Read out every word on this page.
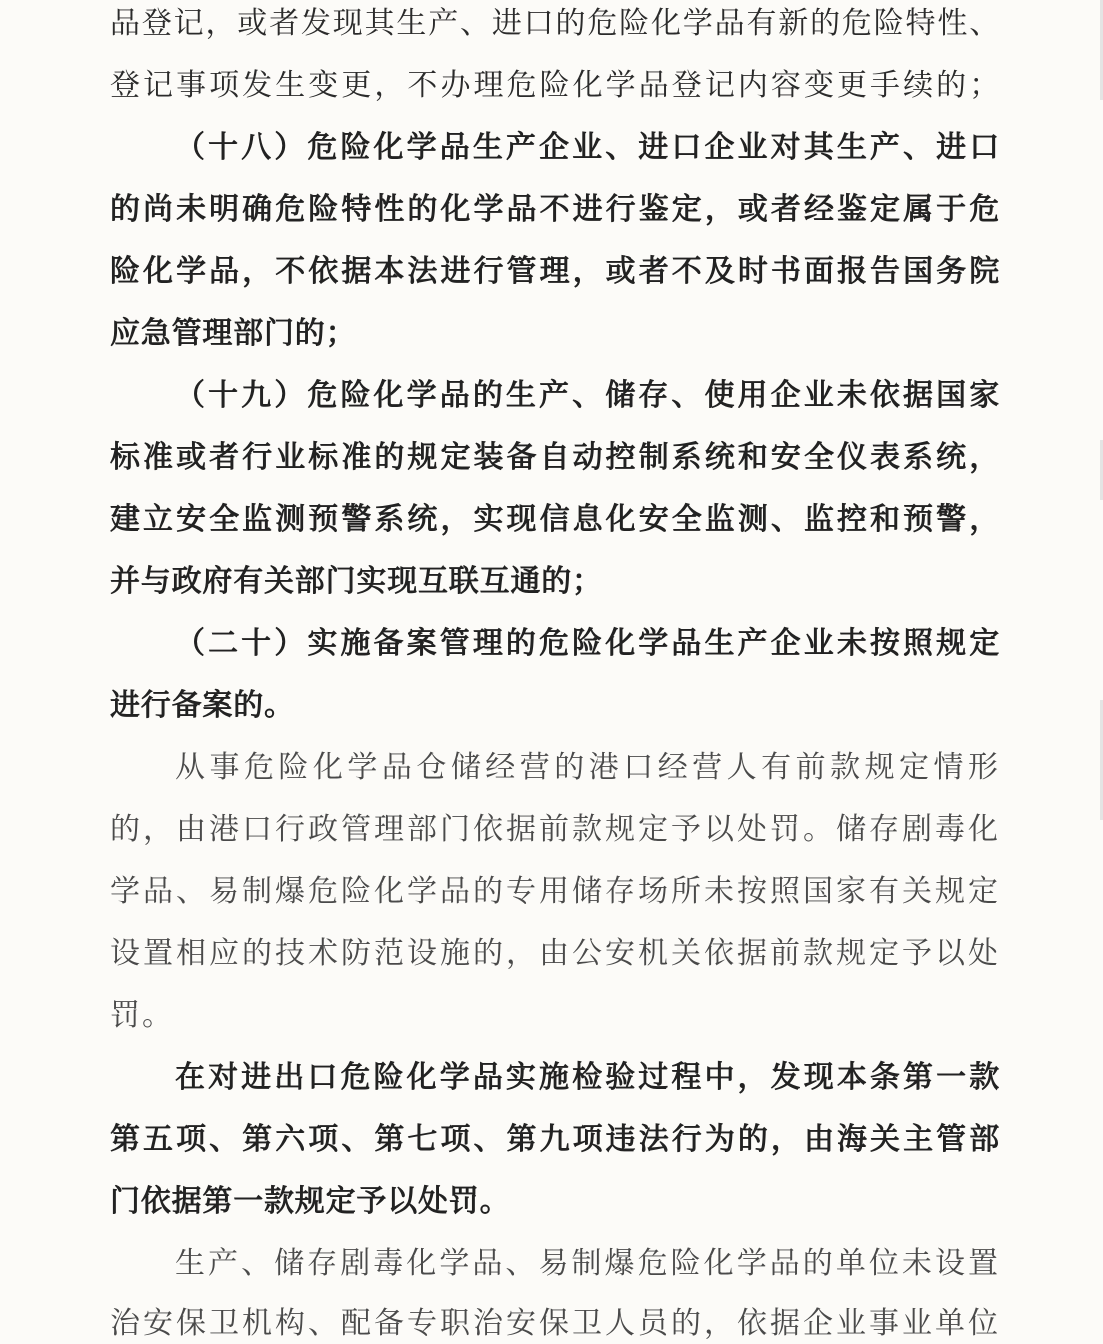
品登记，或者发现其生产、进口的危险化学品有新的危险特性、
登记事项发生变更，不办理危险化学品登记内容变更手续的；
（十八）危险化学品生产企业、进口企业对其生产、进口
的尚未明确危险特性的化学品不进行鉴定，或者经鉴定属于危
险化学品，不依据本法进行管理，或者不及时书面报告国务院
应急管理部门的；
（十九）危险化学品的生产、储存、使用企业未依据国家
标准或者行业标准的规定装备自动控制系统和安全仪表系统，
建立安全监测预警系统，实现信息化安全监测、监控和预警，
并与政府有关部门实现互联互通的；
（二十）实施备案管理的危险化学品生产企业未按照规定
进行备案的。
从事危险化学品仓储经营的港口经营人有前款规定情形
的，由港口行政管理部门依据前款规定予以处罚。储存剧毒化
学品、易制爆危险化学品的专用储存场所未按照国家有关规定
设置相应的技术防范设施的，由公安机关依据前款规定予以处
罚。
在对进出口危险化学品实施检验过程中，发现本条第一款
第五项、第六项、第七项、第九项违法行为的，由海关主管部
门依据第一款规定予以处罚。
生产、储存剧毒化学品、易制爆危险化学品的单位未设置
治安保卫机构、配备专职治安保卫人员的，依据企业事业单位
